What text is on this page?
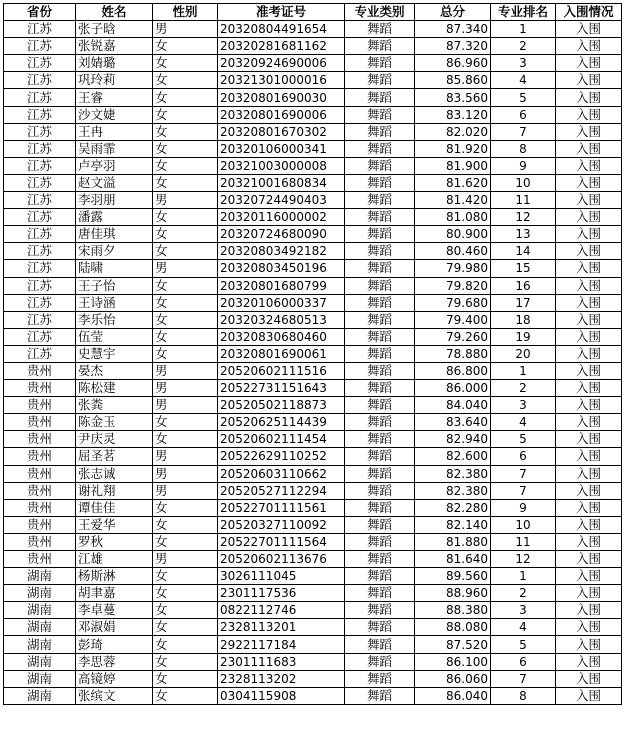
省份	姓名	性别	准考证号	专业类别	总分	专业排名	入围情况
江苏	张子晗	男	20320804491654	舞蹈	87.340	1	入围
江苏	张锐嘉	女	20320281681162	舞蹈	87.320	2	入围
江苏	刘婧璐	女	20320924690006	舞蹈	86.960	3	入围
江苏	巩玲莉	女	20321301000016	舞蹈	85.860	4	入围
江苏	王睿	女	20320801690030	舞蹈	83.560	5	入围
江苏	沙文婕	女	20320801690006	舞蹈	83.120	6	入围
江苏	王冉	女	20320801670302	舞蹈	82.020	7	入围
江苏	吴雨霏	女	20320106000341	舞蹈	81.920	8	入围
江苏	卢亭羽	女	20321003000008	舞蹈	81.900	9	入围
江苏	赵文溢	女	20321001680834	舞蹈	81.620	10	入围
江苏	李羽朋	男	20320724490403	舞蹈	81.420	11	入围
江苏	潘露	女	20320116000002	舞蹈	81.080	12	入围
江苏	唐佳琪	女	20320724680090	舞蹈	80.900	13	入围
江苏	宋雨夕	女	20320803492182	舞蹈	80.460	14	入围
江苏	陆啸	男	20320803450196	舞蹈	79.980	15	入围
江苏	王子怡	女	20320801680799	舞蹈	79.820	16	入围
江苏	王诗涵	女	20320106000337	舞蹈	79.680	17	入围
江苏	李乐怡	女	20320324680513	舞蹈	79.400	18	入围
江苏	伍莹	女	20320830680460	舞蹈	79.260	19	入围
江苏	史慧宇	女	20320801690061	舞蹈	78.880	20	入围
贵州	晏杰	男	20520602111516	舞蹈	86.800	1	入围
贵州	陈松建	男	20522731151643	舞蹈	86.000	2	入围
贵州	张粪	男	20520502118873	舞蹈	84.040	3	入围
贵州	陈金玉	女	20520625114439	舞蹈	83.640	4	入围
贵州	尹庆灵	女	20520602111454	舞蹈	82.940	5	入围
贵州	屈圣茗	男	20522629110252	舞蹈	82.600	6	入围
贵州	张志诚	男	20520603110662	舞蹈	82.380	7	入围
贵州	谢礼翔	男	20520527112294	舞蹈	82.380	7	入围
贵州	谭佳佳	女	20522701111561	舞蹈	82.280	9	入围
贵州	王爱华	女	20520327110092	舞蹈	82.140	10	入围
贵州	罗秋	女	20522701111564	舞蹈	81.880	11	入围
贵州	江雄	男	20520602113676	舞蹈	81.640	12	入围
湖南	杨斯淋	女	3026111045	舞蹈	89.560	1	入围
湖南	胡聿嘉	女	2301117536	舞蹈	88.960	2	入围
湖南	李卓蔓	女	0822112746	舞蹈	88.380	3	入围
湖南	邓淑娟	女	2328113201	舞蹈	88.080	4	入围
湖南	彭琦	女	2922117184	舞蹈	87.520	5	入围
湖南	李思蓉	女	2301111683	舞蹈	86.100	6	入围
湖南	高镜婷	女	2328113202	舞蹈	86.060	7	入围
湖南	张缤文	女	0304115908	舞蹈	86.040	8	入围
